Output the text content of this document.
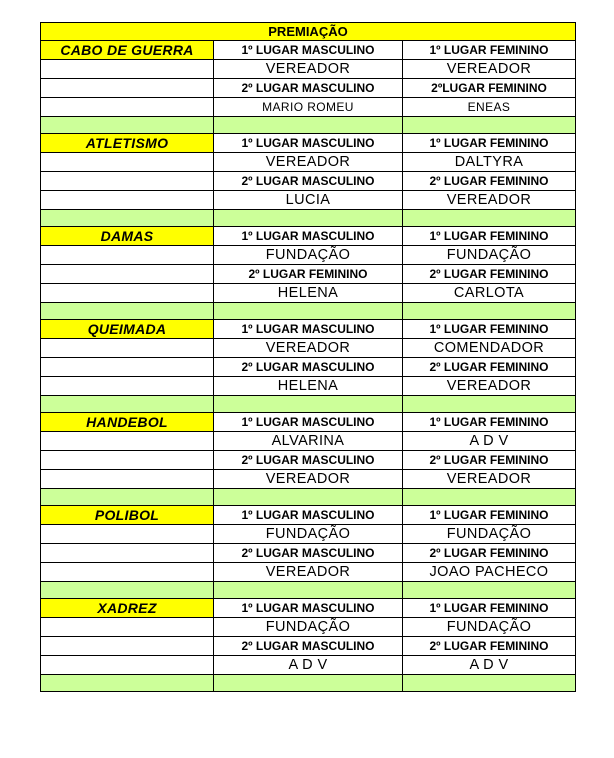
PREMIAÇÃO		
CABO DE GUERRA	1º LUGAR MASCULINO	1º LUGAR FEMININO
	VEREADOR	VEREADOR
	2º LUGAR MASCULINO	2ºLUGAR FEMININO
	MARIO ROMEU	ENEAS

ATLETISMO	1º LUGAR MASCULINO	1º LUGAR FEMININO
	VEREADOR	DALTYRA
	2º LUGAR MASCULINO	2º LUGAR FEMININO
	LUCIA	VEREADOR

DAMAS	1º LUGAR MASCULINO	1º LUGAR FEMININO
	FUNDAÇÃO	FUNDAÇÃO
	2º LUGAR FEMININO	2º LUGAR FEMININO
	HELENA	CARLOTA

QUEIMADA	1º LUGAR MASCULINO	1º LUGAR FEMININO
	VEREADOR	COMENDADOR
	2º LUGAR MASCULINO	2º LUGAR FEMININO
	HELENA	VEREADOR

HANDEBOL	1º LUGAR MASCULINO	1º LUGAR FEMININO
	ALVARINA	A D V
	2º LUGAR MASCULINO	2º LUGAR FEMININO
	VEREADOR	VEREADOR

POLIBOL	1º LUGAR MASCULINO	1º LUGAR FEMININO
	FUNDAÇÃO	FUNDAÇÃO
	2º LUGAR MASCULINO	2º LUGAR FEMININO
	VEREADOR	JOAO PACHECO

XADREZ	1º LUGAR MASCULINO	1º LUGAR FEMININO
	FUNDAÇÃO	FUNDAÇÃO
	2º LUGAR MASCULINO	2º LUGAR FEMININO
	A D V	A D V
